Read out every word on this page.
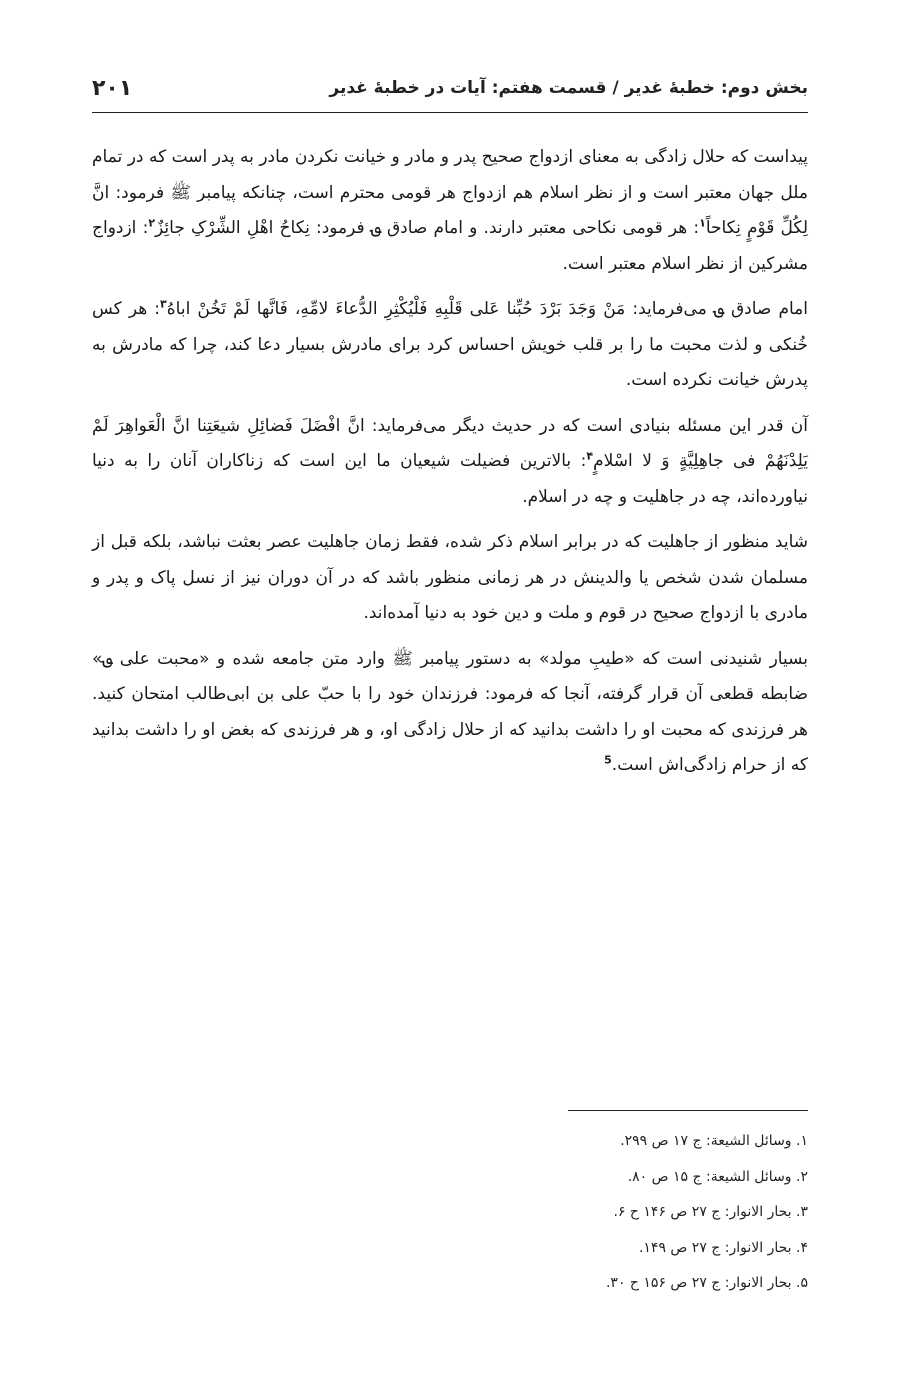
بخش دوم: خطبهٔ غدیر / قسمت هفتم: آیات در خطبهٔ غدیر
۲۰۱

پیداست که حلال زادگی به معنای ازدواج صحیح پدر و مادر و خیانت نکردن مادر به پدر است که در تمام ملل جهان معتبر است و از نظر اسلام هم ازدواج هر قومی محترم است، چنانکه پیامبر ﷺ فرمود: انَّ لِکُلِّ قَوْمٍ نِکاحاً$^۱$: هر قومی نکاحی معتبر دارند. و امام صادق ؈ فرمود: نِکاحُ اهْلِ الشِّرْکِ جائِزٌ$^۲$: ازدواج مشرکین از نظر اسلام معتبر است.

امام صادق ؈ می‌فرماید: مَنْ وَجَدَ بَرْدَ حُبِّنا عَلی قَلْبِهِ فَلْیُکْثِرِ الدُّعاءَ لامِّهِ، فَانَّها لَمْ تَخُنْ اباهُ$^۳$: هر کس خُنکی و لذت محبت ما را بر قلب خویش احساس کرد برای مادرش بسیار دعا کند، چرا که مادرش به پدرش خیانت نکرده است.

آن قدر این مسئله بنیادی است که در حدیث دیگر می‌فرماید: انَّ افْضَلَ فَضائِلِ شیعَتِنا انَّ الْعَواهِرَ لَمْ یَلِدْنَهُمْ فی جاهِلِیَّةٍ وَ لا اسْلامٍ$^۴$: بالاترین فضیلت شیعیان ما این است که زناکاران آنان را به دنیا نیاورده‌اند، چه در جاهلیت و چه در اسلام.

شاید منظور از جاهلیت که در برابر اسلام ذکر شده، فقط زمان جاهلیت عصر بعثت نباشد، بلکه قبل از مسلمان شدن شخص یا والدینش در هر زمانی منظور باشد که در آن دوران نیز از نسل پاک و پدر و مادری با ازدواج صحیح در قوم و ملت و دین خود به دنیا آمده‌اند.

بسیار شنیدنی است که «طیبِ مولد» به دستور پیامبر ﷺ وارد متن جامعه شده و «محبت علی ؈» ضابطه قطعی آن قرار گرفته، آنجا که فرمود: فرزندان خود را با حبّ علی بن ابی‌طالب امتحان کنید. هر فرزندی که محبت او را داشت بدانید که از حلال زادگی او، و هر فرزندی که بغض او را داشت بدانید که از حرام زادگی‌اش است.$^5$

۱. وسائل الشیعة: ج ۱۷ ص ۲۹۹.
۲. وسائل الشیعة: ج ۱۵ ص ۸۰.
۳. بحار الانوار: ج ۲۷ ص ۱۴۶ ح ۶.
۴. بحار الانوار: ج ۲۷ ص ۱۴۹.
۵. بحار الانوار: ج ۲۷ ص ۱۵۶ ح ۳۰.
